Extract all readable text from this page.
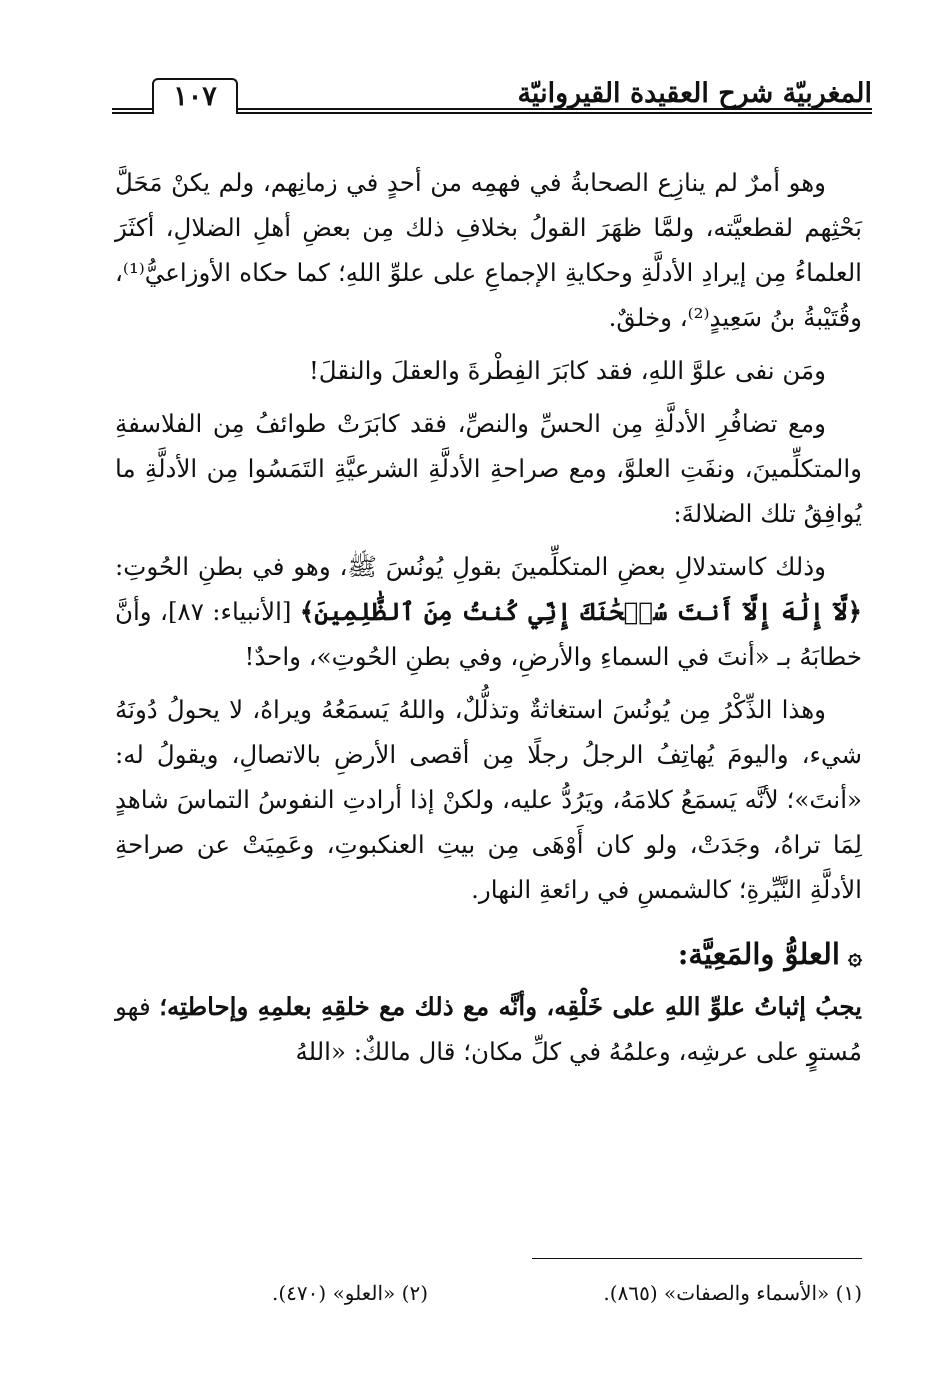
المغربيّة شرح العقيدة القيروانيّة
١٠٧

وهو أمرٌ لم ينازِع الصحابةُ في فهمِه من أحدٍ في زمانِهم، ولم يكنْ مَحَلَّ بَحْثِهم لقطعيَّته، ولمَّا ظهَرَ القولُ بخلافِ ذلك مِن بعضِ أهلِ الضلالِ، أكثَرَ العلماءُ مِن إيرادِ الأدلَّةِ وحكايةِ الإجماعِ على علوِّ اللهِ؛ كما حكاه الأوزاعيُّ⁽¹⁾، وقُتَيْبةُ بنُ سَعِيدٍ⁽²⁾، وخلقٌ.

ومَن نفى علوَّ اللهِ، فقد كابَرَ الفِطْرةَ والعقلَ والنقلَ!

ومع تضافُرِ الأدلَّةِ مِن الحسِّ والنصِّ، فقد كابَرَتْ طوائفُ مِن الفلاسفةِ والمتكلِّمينَ، ونفَتِ العلوَّ، ومع صراحةِ الأدلَّةِ الشرعيَّةِ التَمَسُوا مِن الأدلَّةِ ما يُوافِقُ تلك الضلالةَ:

وذلك كاستدلالِ بعضِ المتكلِّمينَ بقولِ يُونُسَ ﷺ، وهو في بطنِ الحُوتِ: ﴿لَّآ إِلَٰهَ إِلَّآ أَنتَ سُبۡحَٰنَكَ إِنِّي كُنتُ مِنَ ٱلظَّٰلِمِينَ﴾ [الأنبياء: ٨٧]، وأنَّ خطابَهُ بـ «أنتَ في السماءِ والأرضِ، وفي بطنِ الحُوتِ»، واحدٌ!

وهذا الذِّكْرُ مِن يُونُسَ استغاثةٌ وتذلُّلٌ، واللهُ يَسمَعُهُ ويراهُ، لا يحولُ دُونَهُ شيء، واليومَ يُهاتِفُ الرجلُ رجلًا مِن أقصى الأرضِ بالاتصالِ، ويقولُ له: «أنتَ»؛ لأنَّه يَسمَعُ كلامَهُ، ويَرُدُّ عليه، ولكنْ إذا أرادتِ النفوسُ التماسَ شاهدٍ لِمَا تراهُ، وجَدَتْ، ولو كان أَوْهَى مِن بيتِ العنكبوتِ، وعَمِيَتْ عن صراحةِ الأدلَّةِ النَّيِّرةِ؛ كالشمسِ في رائعةِ النهار.

۞العلوُّ والمَعِيَّة:

يجبُ إثباتُ علوِّ اللهِ على خَلْقِه، وأنَّه مع ذلك مع خلقِهِ بعلمِهِ وإحاطتِه؛ فهو مُستوٍ على عرشِه، وعلمُهُ في كلِّ مكان؛ قال مالكٌ: «اللهُ

(١) «الأسماء والصفات» (٨٦٥).
(٢) «العلو» (٤٧٠).
